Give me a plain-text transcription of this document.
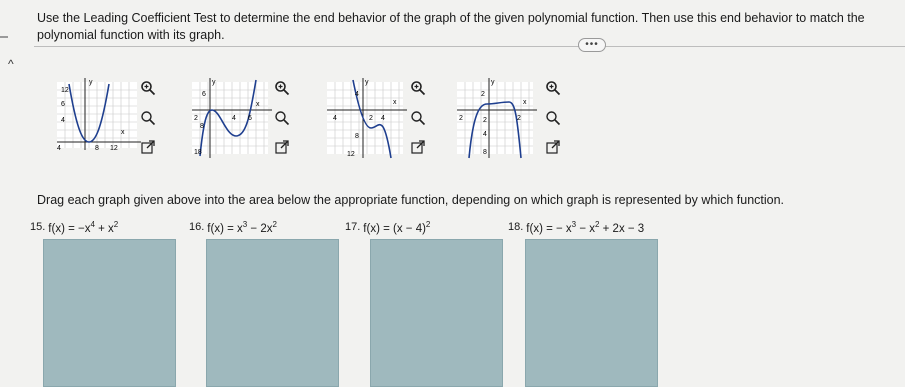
Use the Leading Coefficient Test to determine the end behavior of the graph of the given polynomial function. Then use this end behavior to match the polynomial function with its graph.
•••
^
12
6
4
x
4	8 12
y	y
6
x
2	4 6
8
18
y
4
x
4	2 4
8
12
y
2
x
2	2
2
4
8
Drag each graph given above into the area below the appropriate function, depending on which graph is represented by which function.
15. $f(x) = -x^4 + x^2$	16. $f(x) = x^3 - 2x^2$	17. $f(x) = (x - 4)^2$	18. f(x) = − $x^3 - x^2 + 2x - 3$
